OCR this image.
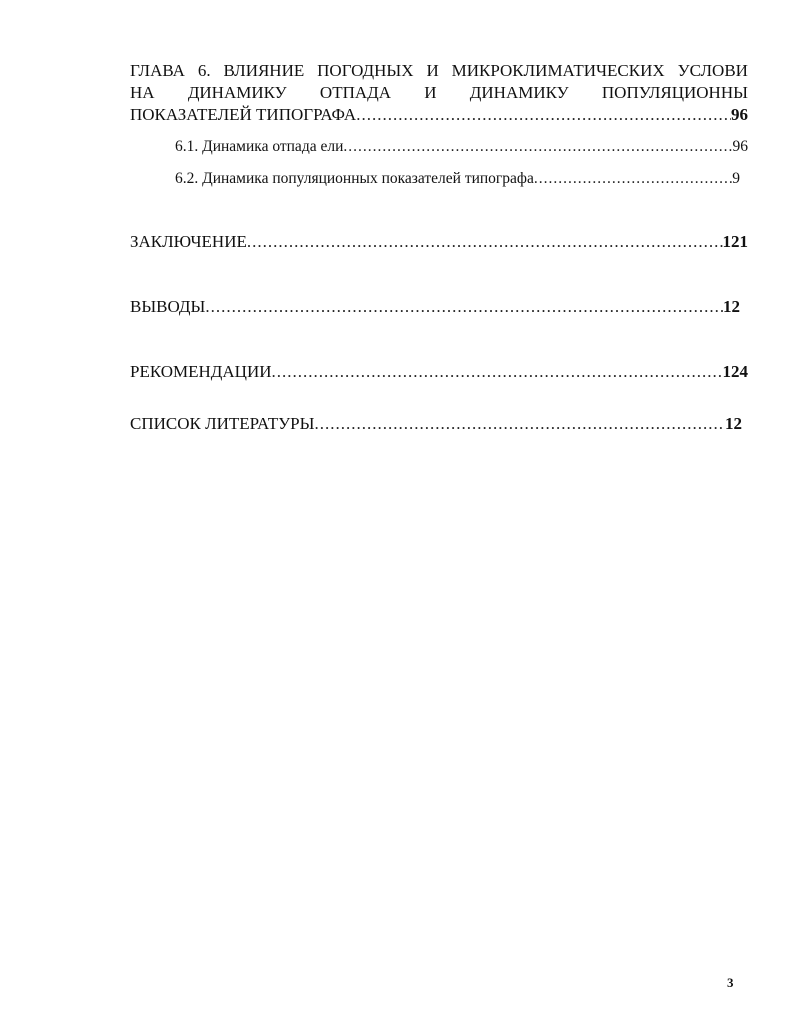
ГЛАВА 6. ВЛИЯНИЕ ПОГОДНЫХ И МИКРОКЛИМАТИЧЕСКИХ УСЛОВИ
НА ДИНАМИКУ ОТПАДА И ДИНАМИКУ ПОПУЛЯЦИОННЫ
ПОКАЗАТЕЛЕЙ ТИПОГРАФА .....	96
6.1. Динамика отпада ели .....	96
6.2. Динамика популяционных показателей типографа .....	9
ЗАКЛЮЧЕНИЕ .....	121
ВЫВОДЫ .....	12
РЕКОМЕНДАЦИИ .....	124
СПИСОК ЛИТЕРАТУРЫ .....	12
3
